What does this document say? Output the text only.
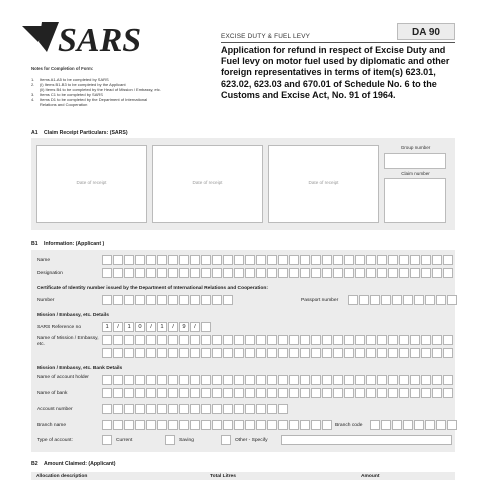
SARS	EXCISE DUTY & FUEL LEVY	DA 90
Application for refund in respect of Excise Duty and Fuel levy on motor fuel used by diplomatic and other foreign representatives in terms of item(s) 623.01, 623.02, 623.03 and 670.01 of Schedule No. 6 to the Customs and Excise Act, No. 91 of 1964.
Notes for Completion of Form:
1.	Items A1-A5 to be completed by SARS
2.	(i) Items B1-B3 to be completed by the Applicant
(ii) Items B4 to be completed by the Head of Mission / Embassy, etc.
3.	Items C1 to be completed by SARS
4.	Items D1 to be completed by the Department of International
Relations and Cooperation
A1 Claim Receipt Particulars: (SARS)
Date of receipt	Date of receipt	Date of receipt
Group number
Claim number
B1 Information: (Applicant )
Name
Designation
Certificate of Identity number issued by the Department of International Relations and Cooperation:
Number	Passport number
Mission / Embassy, etc. Details
SARS Reference no	1	/	1	0	/	1	/	9	/
Name of Mission / Embassy, etc.
Mission / Embassy, etc. Bank Details
Name of account holder
Name of bank
Account number
Branch name	Branch code
Type of account:	Current	Saving	Other - Specify
B2 Amount Claimed: (Applicant)
Allocation description	Total Litres	Amount
